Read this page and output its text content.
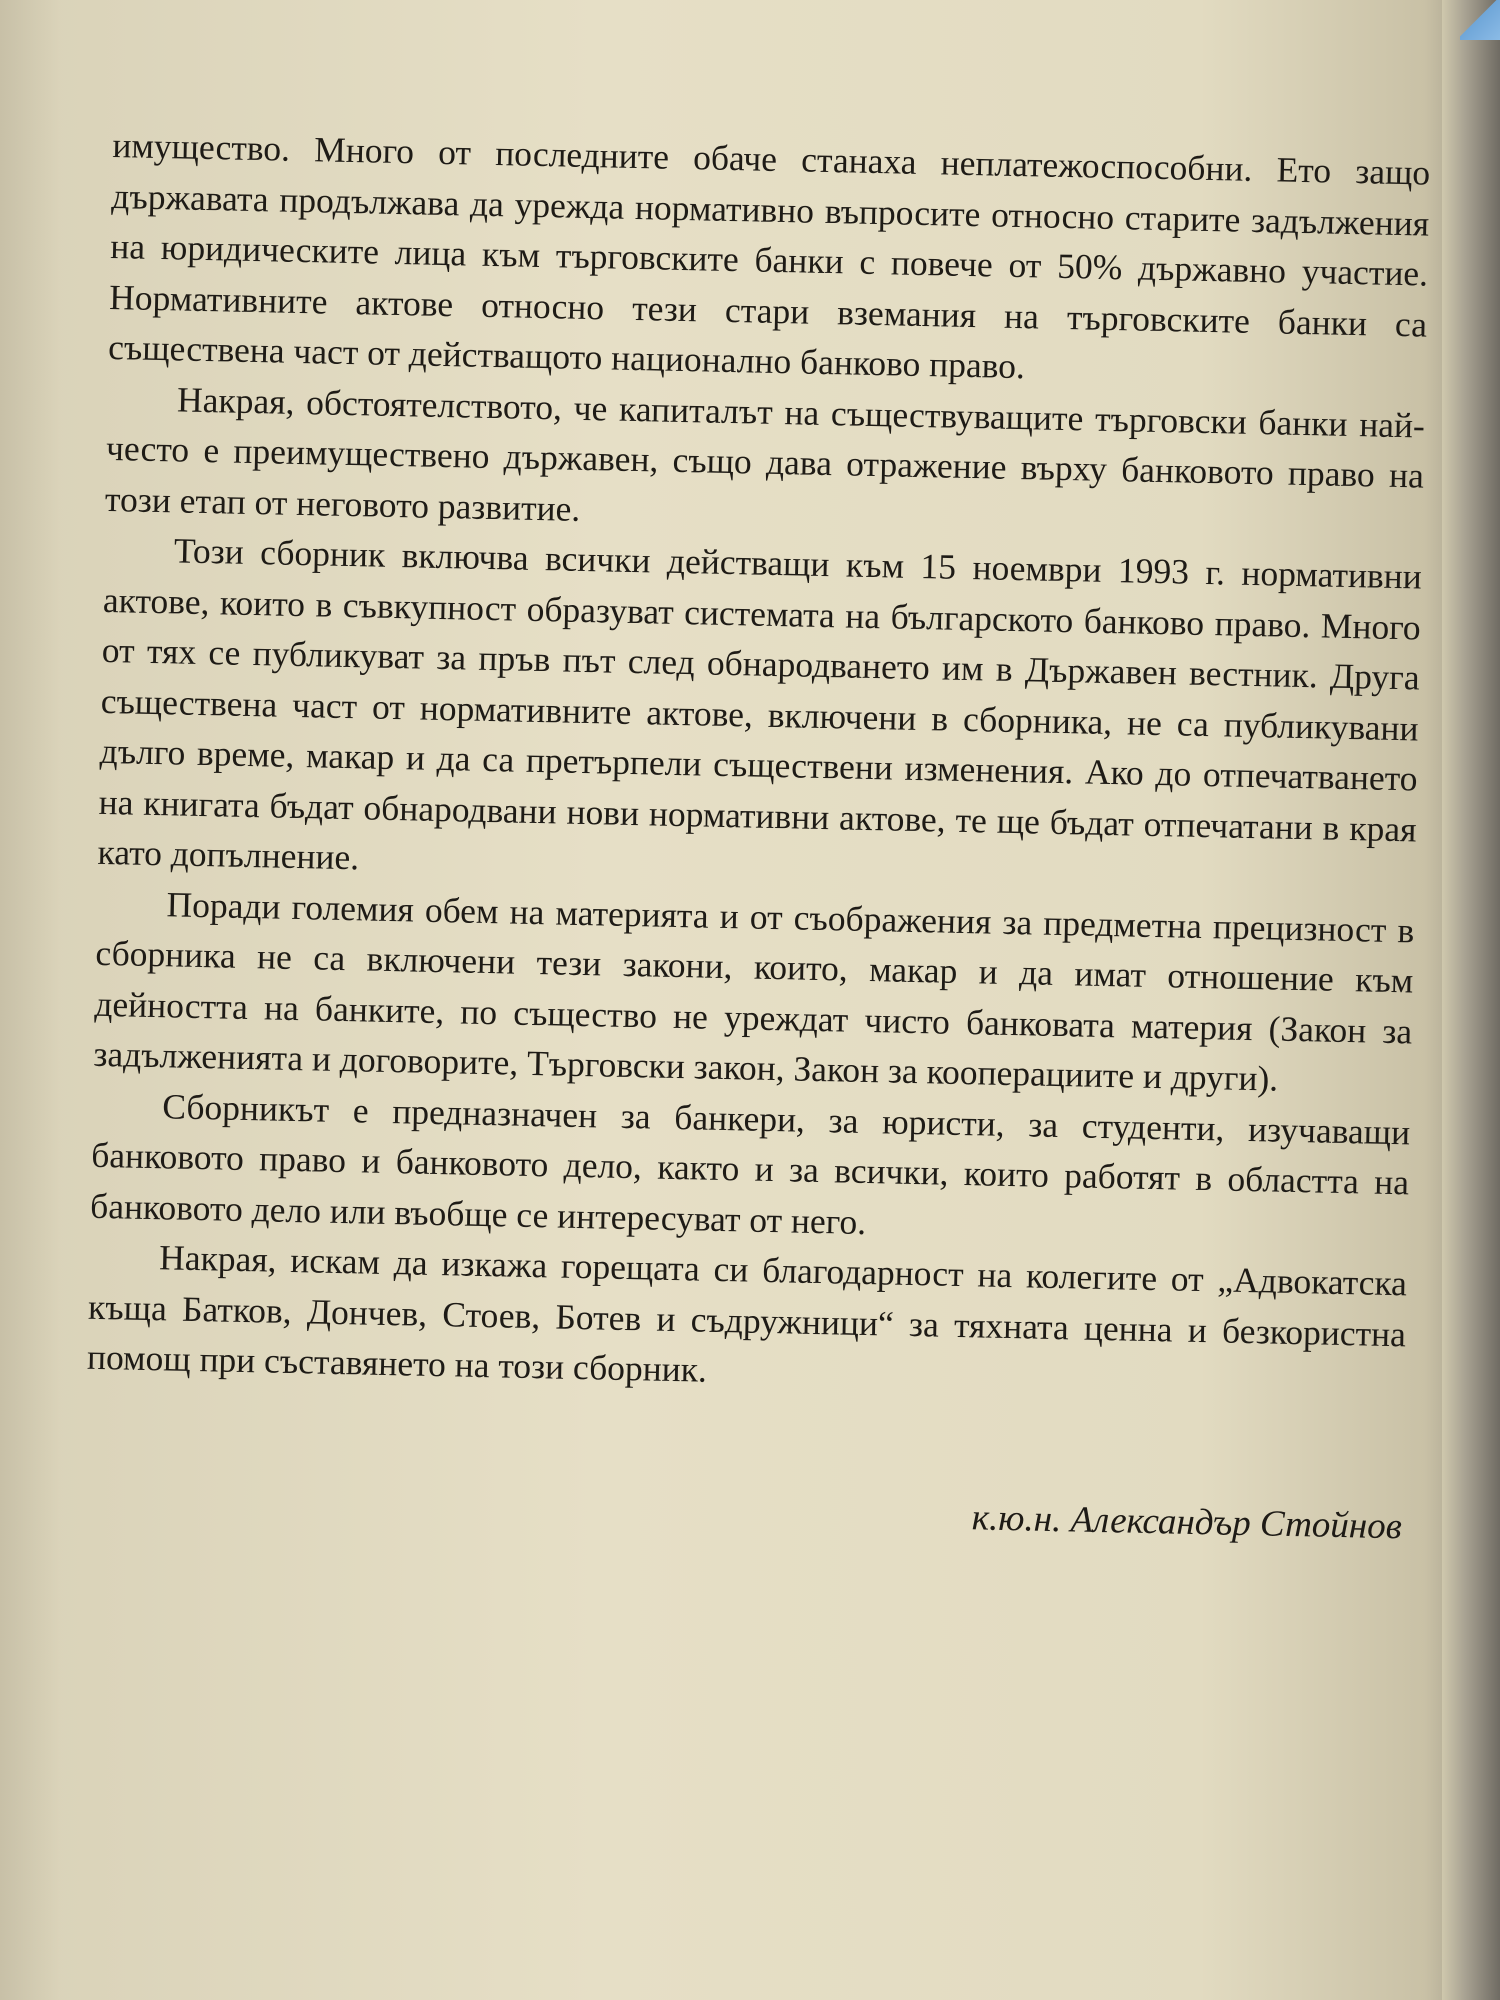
имущество. Много от последните обаче станаха неплатежоспособни. Ето защо държавата продължава да урежда нормативно въпросите относно старите задължения на юридическите лица към търговските банки с повече от 50% държавно участие. Нормативните актове относно тези стари вземания на търговските банки са съществена част от действащото национално банково право.

Накрая, обстоятелството, че капиталът на съществуващите търговски банки най-често е преимуществено държавен, също дава отражение върху банковото право на този етап от неговото развитие.

Този сборник включва всички действащи към 15 ноември 1993 г. нормативни актове, които в съвкупност образуват системата на българското банково право. Много от тях се публикуват за пръв път след обнародването им в Държавен вестник. Друга съществена част от нормативните актове, включени в сборника, не са публикувани дълго време, макар и да са претърпели съществени изменения. Ако до отпечатването на книгата бъдат обнародвани нови нормативни актове, те ще бъдат отпечатани в края като допълнение.

Поради големия обем на материята и от съображения за предметна прецизност в сборника не са включени тези закони, които, макар и да имат отношение към дейността на банките, по същество не уреждат чисто банковата материя (Закон за задълженията и договорите, Търговски закон, Закон за кооперациите и други).

Сборникът е предназначен за банкери, за юристи, за студенти, изучаващи банковото право и банковото дело, както и за всички, които работят в областта на банковото дело или въобще се интересуват от него.

Накрая, искам да изкажа горещата си благодарност на колегите от „Адвокатска къща Батков, Дончев, Стоев, Ботев и съдружници“ за тяхната ценна и безкористна помощ при съставянето на този сборник.

к.ю.н. Александър Стойнов
